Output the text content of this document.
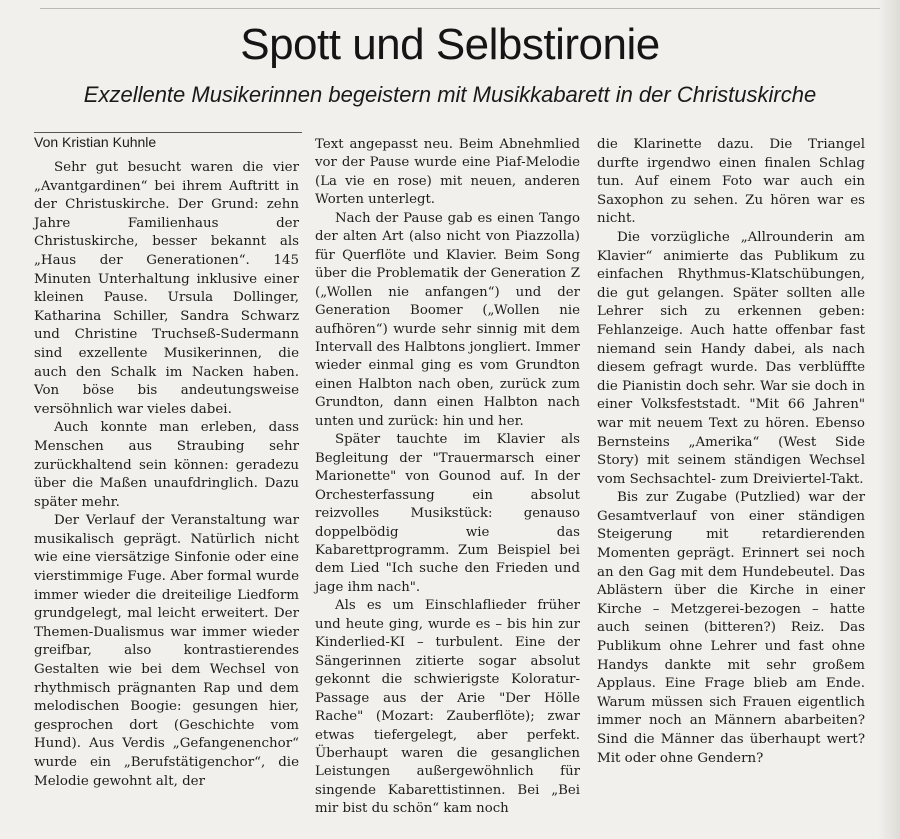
Spott und Selbstironie
Exzellente Musikerinnen begeistern mit Musikkabarett in der Christuskirche
Von Kristian Kuhnle

Sehr gut besucht waren die vier „Avantgardinen“ bei ihrem Auftritt in der Christuskirche. Der Grund: zehn Jahre Familienhaus der Christuskirche, besser bekannt als „Haus der Generationen“. 145 Minuten Unterhaltung inklusive einer kleinen Pause. Ursula Dollinger, Katharina Schiller, Sandra Schwarz und Christine Truchseß-Sudermann sind exzellente Musikerinnen, die auch den Schalk im Nacken haben. Von böse bis andeutungsweise versöhnlich war vieles dabei.

Auch konnte man erleben, dass Menschen aus Straubing sehr zurückhaltend sein können: geradezu über die Maßen unaufdringlich. Dazu später mehr.

Der Verlauf der Veranstaltung war musikalisch geprägt. Natürlich nicht wie eine viersätzige Sinfonie oder eine vierstimmige Fuge. Aber formal wurde immer wieder die dreiteilige Liedform grundgelegt, mal leicht erweitert. Der Themen-Dualismus war immer wieder greifbar, also kontrastierendes Gestalten wie bei dem Wechsel von rhythmisch prägnanten Rap und dem melodischen Boogie: gesungen hier, gesprochen dort (Geschichte vom Hund). Aus Verdis „Gefangenenchor“ wurde ein „Berufstätigenchor“, die Melodie gewohnt alt, der

Text angepasst neu. Beim Abnehmlied vor der Pause wurde eine Piaf-Melodie (La vie en rose) mit neuen, anderen Worten unterlegt.

Nach der Pause gab es einen Tango der alten Art (also nicht von Piazzolla) für Querflöte und Klavier. Beim Song über die Problematik der Generation Z („Wollen nie anfangen“) und der Generation Boomer („Wollen nie aufhören“) wurde sehr sinnig mit dem Intervall des Halbtons jongliert. Immer wieder einmal ging es vom Grundton einen Halbton nach oben, zurück zum Grundton, dann einen Halbton nach unten und zurück: hin und her.

Später tauchte im Klavier als Begleitung der "Trauermarsch einer Marionette" von Gounod auf. In der Orchesterfassung ein absolut reizvolles Musikstück: genauso doppelbödig wie das Kabarettprogramm. Zum Beispiel bei dem Lied "Ich suche den Frieden und jage ihm nach".

Als es um Einschlaflieder früher und heute ging, wurde es – bis hin zur Kinderlied-KI – turbulent. Eine der Sängerinnen zitierte sogar absolut gekonnt die schwierigste Koloratur-Passage aus der Arie "Der Hölle Rache" (Mozart: Zauberflöte); zwar etwas tiefergelegt, aber perfekt. Überhaupt waren die gesanglichen Leistungen außergewöhnlich für singende Kabarettistinnen. Bei „Bei mir bist du schön“ kam noch

die Klarinette dazu. Die Triangel durfte irgendwo einen finalen Schlag tun. Auf einem Foto war auch ein Saxophon zu sehen. Zu hören war es nicht.

Die vorzügliche „Allrounderin am Klavier“ animierte das Publikum zu einfachen Rhythmus-Klatschübungen, die gut gelangen. Später sollten alle Lehrer sich zu erkennen geben: Fehlanzeige. Auch hatte offenbar fast niemand sein Handy dabei, als nach diesem gefragt wurde. Das verblüffte die Pianistin doch sehr. War sie doch in einer Volksfeststadt. "Mit 66 Jahren" war mit neuem Text zu hören. Ebenso Bernsteins „Amerika“ (West Side Story) mit seinem ständigen Wechsel vom Sechsachtel- zum Dreiviertel-Takt.

Bis zur Zugabe (Putzlied) war der Gesamtverlauf von einer ständigen Steigerung mit retardierenden Momenten geprägt. Erinnert sei noch an den Gag mit dem Hundebeutel. Das Ablästern über die Kirche in einer Kirche – Metzgerei-bezogen – hatte auch seinen (bitteren?) Reiz. Das Publikum ohne Lehrer und fast ohne Handys dankte mit sehr großem Applaus. Eine Frage blieb am Ende. Warum müssen sich Frauen eigentlich immer noch an Männern abarbeiten? Sind die Männer das überhaupt wert? Mit oder ohne Gendern?
